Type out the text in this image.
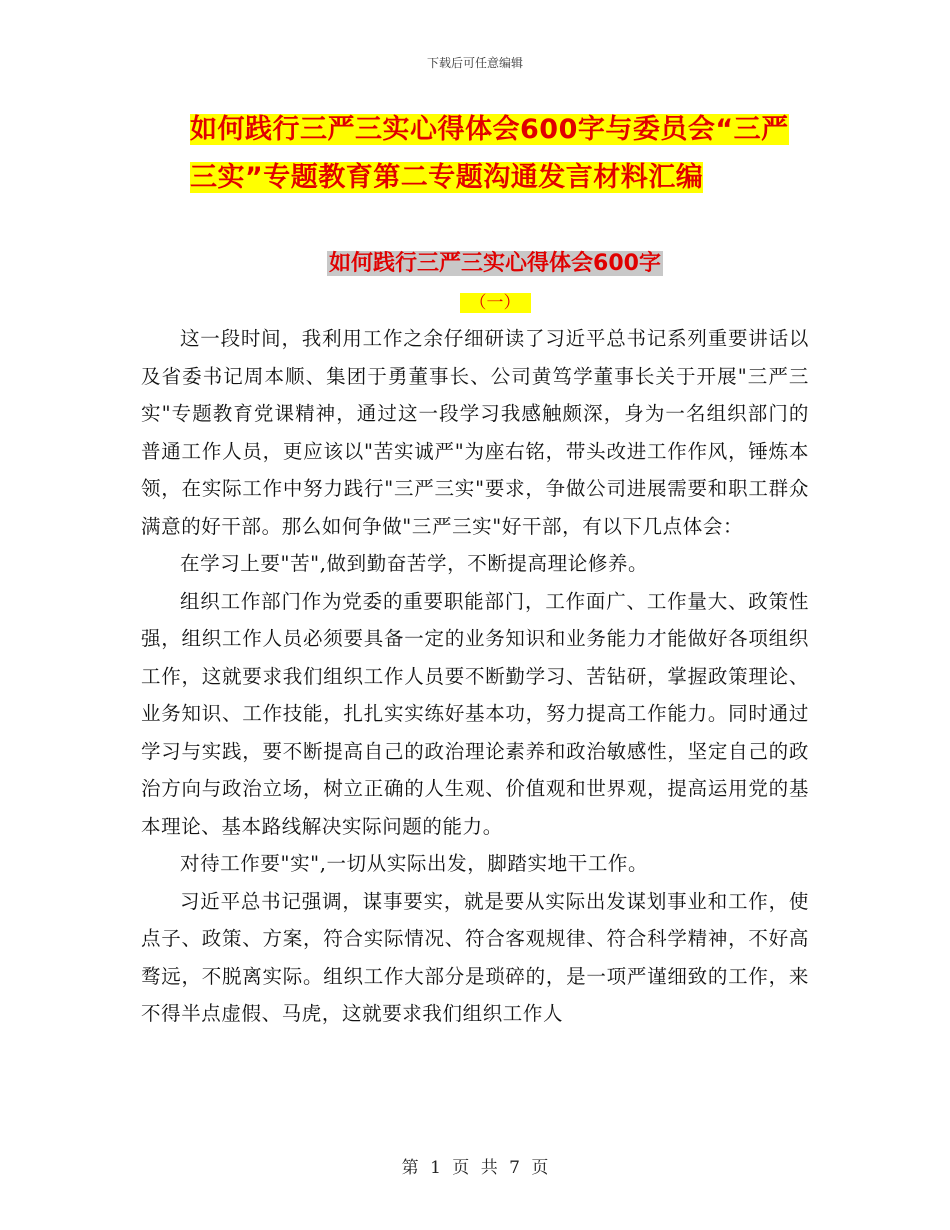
下载后可任意编辑
如何践行三严三实心得体会600字与委员会“三严三实”专题教育第二专题沟通发言材料汇编
如何践行三严三实心得体会600字
（一）

这一段时间，我利用工作之余仔细研读了习近平总书记系列重要讲话以及省委书记周本顺、集团于勇董事长、公司黄笃学董事长关于开展"三严三实"专题教育党课精神，通过这一段学习我感触颇深，身为一名组织部门的普通工作人员，更应该以"苦实诚严"为座右铭，带头改进工作作风，锤炼本领，在实际工作中努力践行"三严三实"要求，争做公司进展需要和职工群众满意的好干部。那么如何争做"三严三实"好干部，有以下几点体会：

在学习上要"苦",做到勤奋苦学，不断提高理论修养。

组织工作部门作为党委的重要职能部门，工作面广、工作量大、政策性强，组织工作人员必须要具备一定的业务知识和业务能力才能做好各项组织工作，这就要求我们组织工作人员要不断勤学习、苦钻研，掌握政策理论、业务知识、工作技能，扎扎实实练好基本功，努力提高工作能力。同时通过学习与实践，要不断提高自己的政治理论素养和政治敏感性，坚定自己的政治方向与政治立场，树立正确的人生观、价值观和世界观，提高运用党的基本理论、基本路线解决实际问题的能力。

对待工作要"实",一切从实际出发，脚踏实地干工作。

习近平总书记强调，谋事要实，就是要从实际出发谋划事业和工作，使点子、政策、方案，符合实际情况、符合客观规律、符合科学精神，不好高骛远，不脱离实际。组织工作大部分是琐碎的，是一项严谨细致的工作，来不得半点虚假、马虎，这就要求我们组织工作人

第 1 页 共 7 页
